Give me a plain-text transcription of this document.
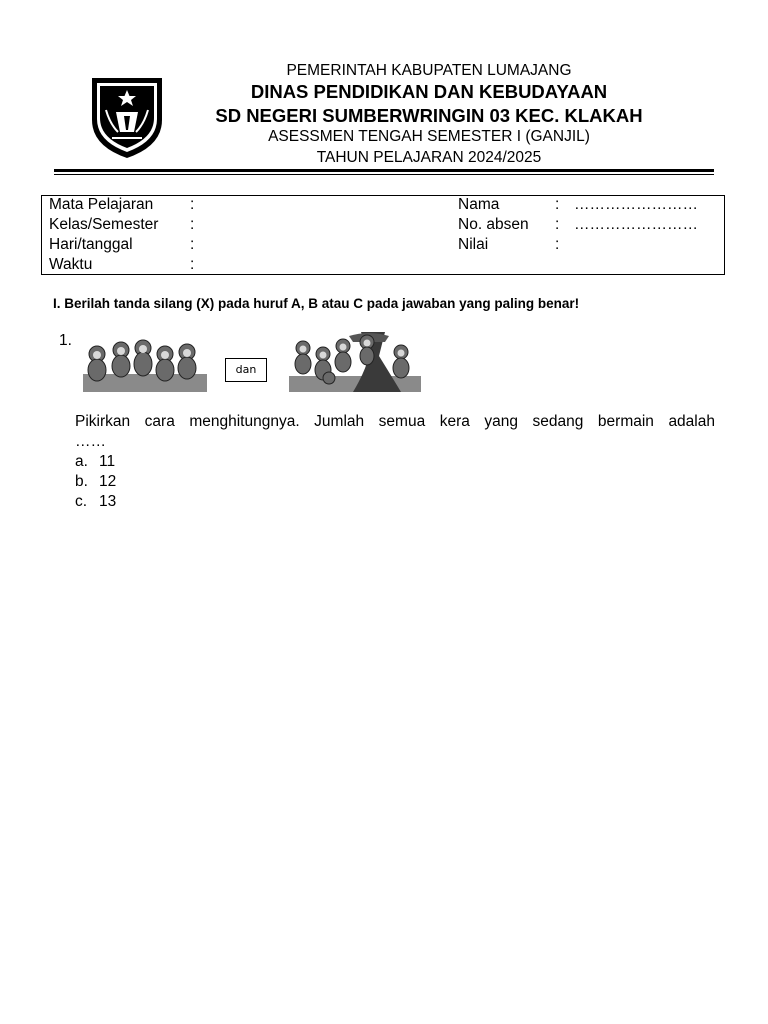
PEMERINTAH KABUPATEN LUMAJANG
DINAS PENDIDIKAN DAN KEBUDAYAAN
SD NEGERI SUMBERWRINGIN 03 KEC. KLAKAH
ASESSMEN TENGAH SEMESTER I (GANJIL)
TAHUN PELAJARAN 2024/2025
Mata Pelajaran :
Kelas/Semester :
Hari/tanggal	:
Waktu	:
Nama	: ……………………
No. absen : ……………………
Nilai	:
I. Berilah tanda silang (X) pada huruf A, B atau C pada jawaban yang paling benar!
1.
dan
Pikirkan cara menghitungnya. Jumlah semua kera yang sedang bermain adalah
……
a. 11
b. 12
c. 13
